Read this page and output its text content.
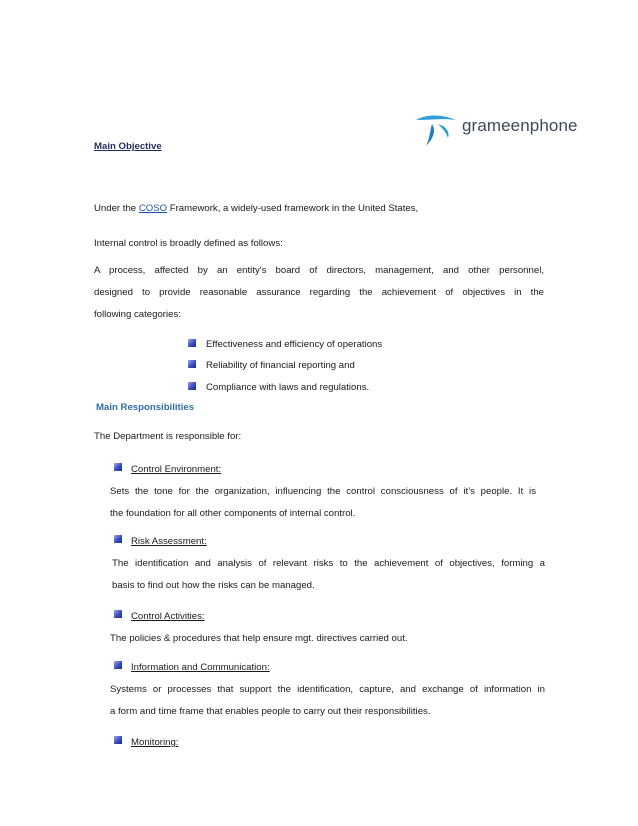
grameenphone
Main Objective
Under the COSO Framework, a widely-used framework in the United States,
Internal control is broadly defined as follows:
A process, affected by an entity's board of directors, management, and other personnel,
designed to provide reasonable assurance regarding the achievement of objectives in the
following categories:
Effectiveness and efficiency of operations
Reliability of financial reporting and
Compliance with laws and regulations.
Main Responsibilities
The Department is responsible for:
Control Environment:
Sets the tone for the organization, influencing the control consciousness of it’s people. It is
the foundation for all other components of internal control.
Risk Assessment:
The identification and analysis of relevant risks to the achievement of objectives, forming a
basis to find out how the risks can be managed.
Control Activities:
The policies & procedures that help ensure mgt. directives carried out.
Information and Communication:
Systems or processes that support the identification, capture, and exchange of information in
a form and time frame that enables people to carry out their responsibilities.
Monitoring:
